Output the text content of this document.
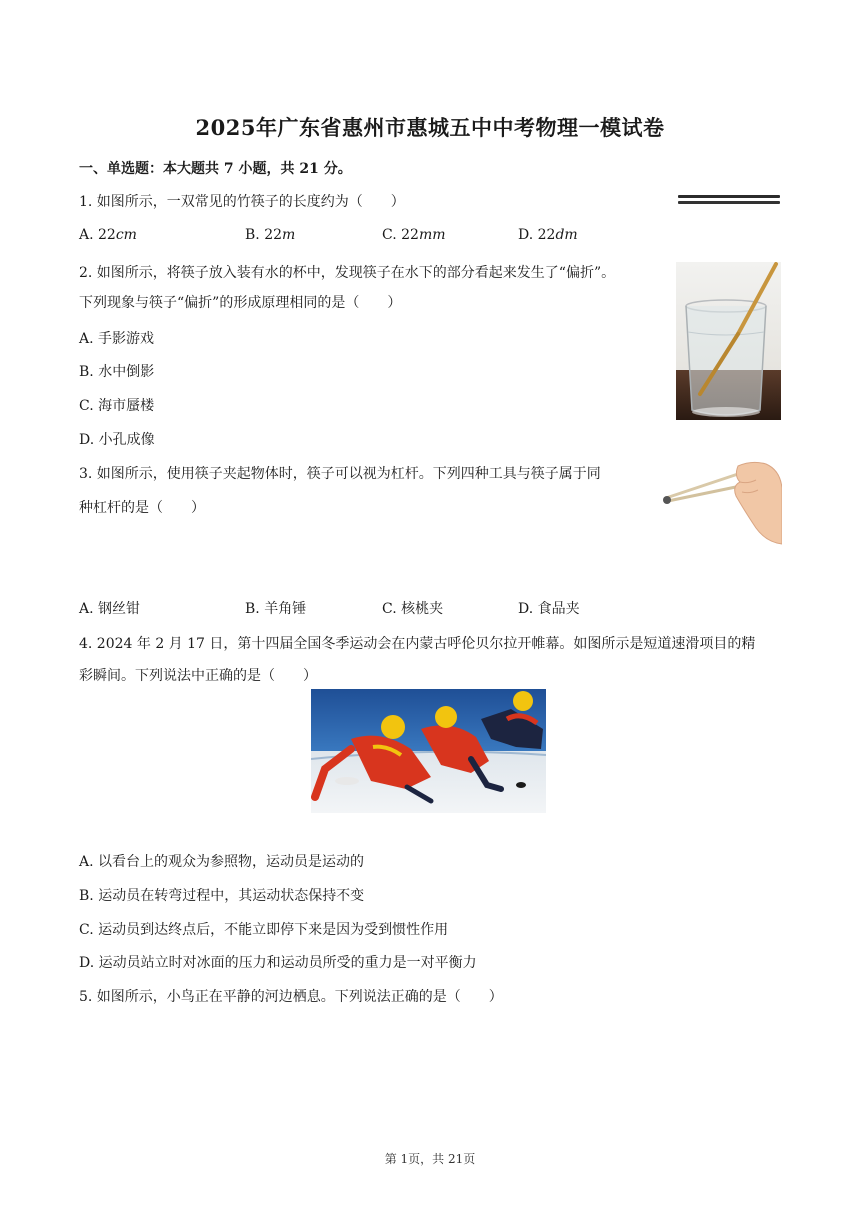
2025年广东省惠州市惠城五中中考物理一模试卷
一、单选题：本大题共 7 小题，共 21 分。
1. 如图所示，一双常见的竹筷子的长度约为（　　）
A. 22cm	B. 22m	C. 22mm	D. 22dm
2. 如图所示，将筷子放入装有水的杯中，发现筷子在水下的部分看起来发生了“偏折”。
下列现象与筷子“偏折”的形成原理相同的是（　　）
A. 手影游戏
B. 水中倒影
C. 海市蜃楼
D. 小孔成像
3. 如图所示，使用筷子夹起物体时，筷子可以视为杠杆。下列四种工具与筷子属于同
种杠杆的是（　　）
A. 钢丝钳	B. 羊角锤	C. 核桃夹	D. 食品夹
4. 2024 年 2 月 17 日，第十四届全国冬季运动会在内蒙古呼伦贝尔拉开帷幕。如图所示是短道速滑项目的精
彩瞬间。下列说法中正确的是（　　）
A. 以看台上的观众为参照物，运动员是运动的
B. 运动员在转弯过程中，其运动状态保持不变
C. 运动员到达终点后，不能立即停下来是因为受到惯性作用
D. 运动员站立时对冰面的压力和运动员所受的重力是一对平衡力
5. 如图所示，小鸟正在平静的河边栖息。下列说法正确的是（　　）
第 1页，共 21页
